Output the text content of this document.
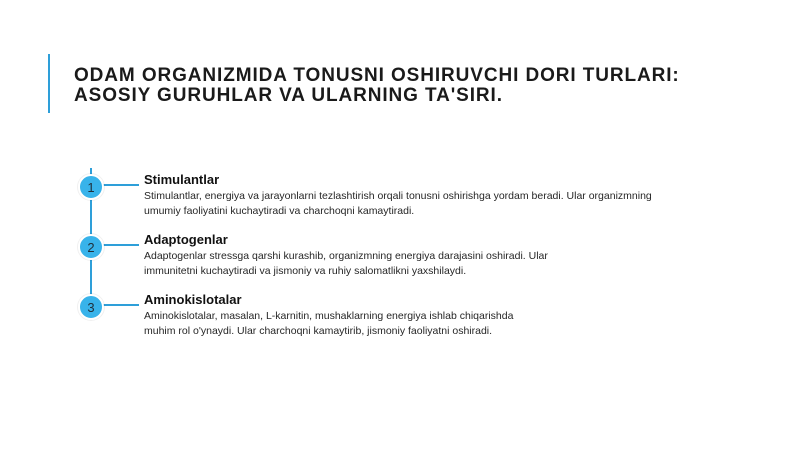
ODAM ORGANIZMIDA TONUSNI OSHIRUVCHI DORI TURLARI: ASOSIY GURUHLAR VA ULARNING TA'SIRI.
1	Stimulantlar

Stimulantlar, energiya va jarayonlarni tezlashtirish orqali tonusni oshirishga yordam beradi. Ular organizmning umumiy faoliyatini kuchaytiradi va charchoqni kamaytiradi.

2	Adaptogenlar

Adaptogenlar stressga qarshi kurashib, organizmning energiya darajasini oshiradi. Ular immunitetni kuchaytiradi va jismoniy va ruhiy salomatlikni yaxshilaydi.

3	Aminokislotalar

Aminokislotalar, masalan, L-karnitin, mushaklarning energiya ishlab chiqarishda muhim rol o'ynaydi. Ular charchoqni kamaytirib, jismoniy faoliyatni oshiradi.
